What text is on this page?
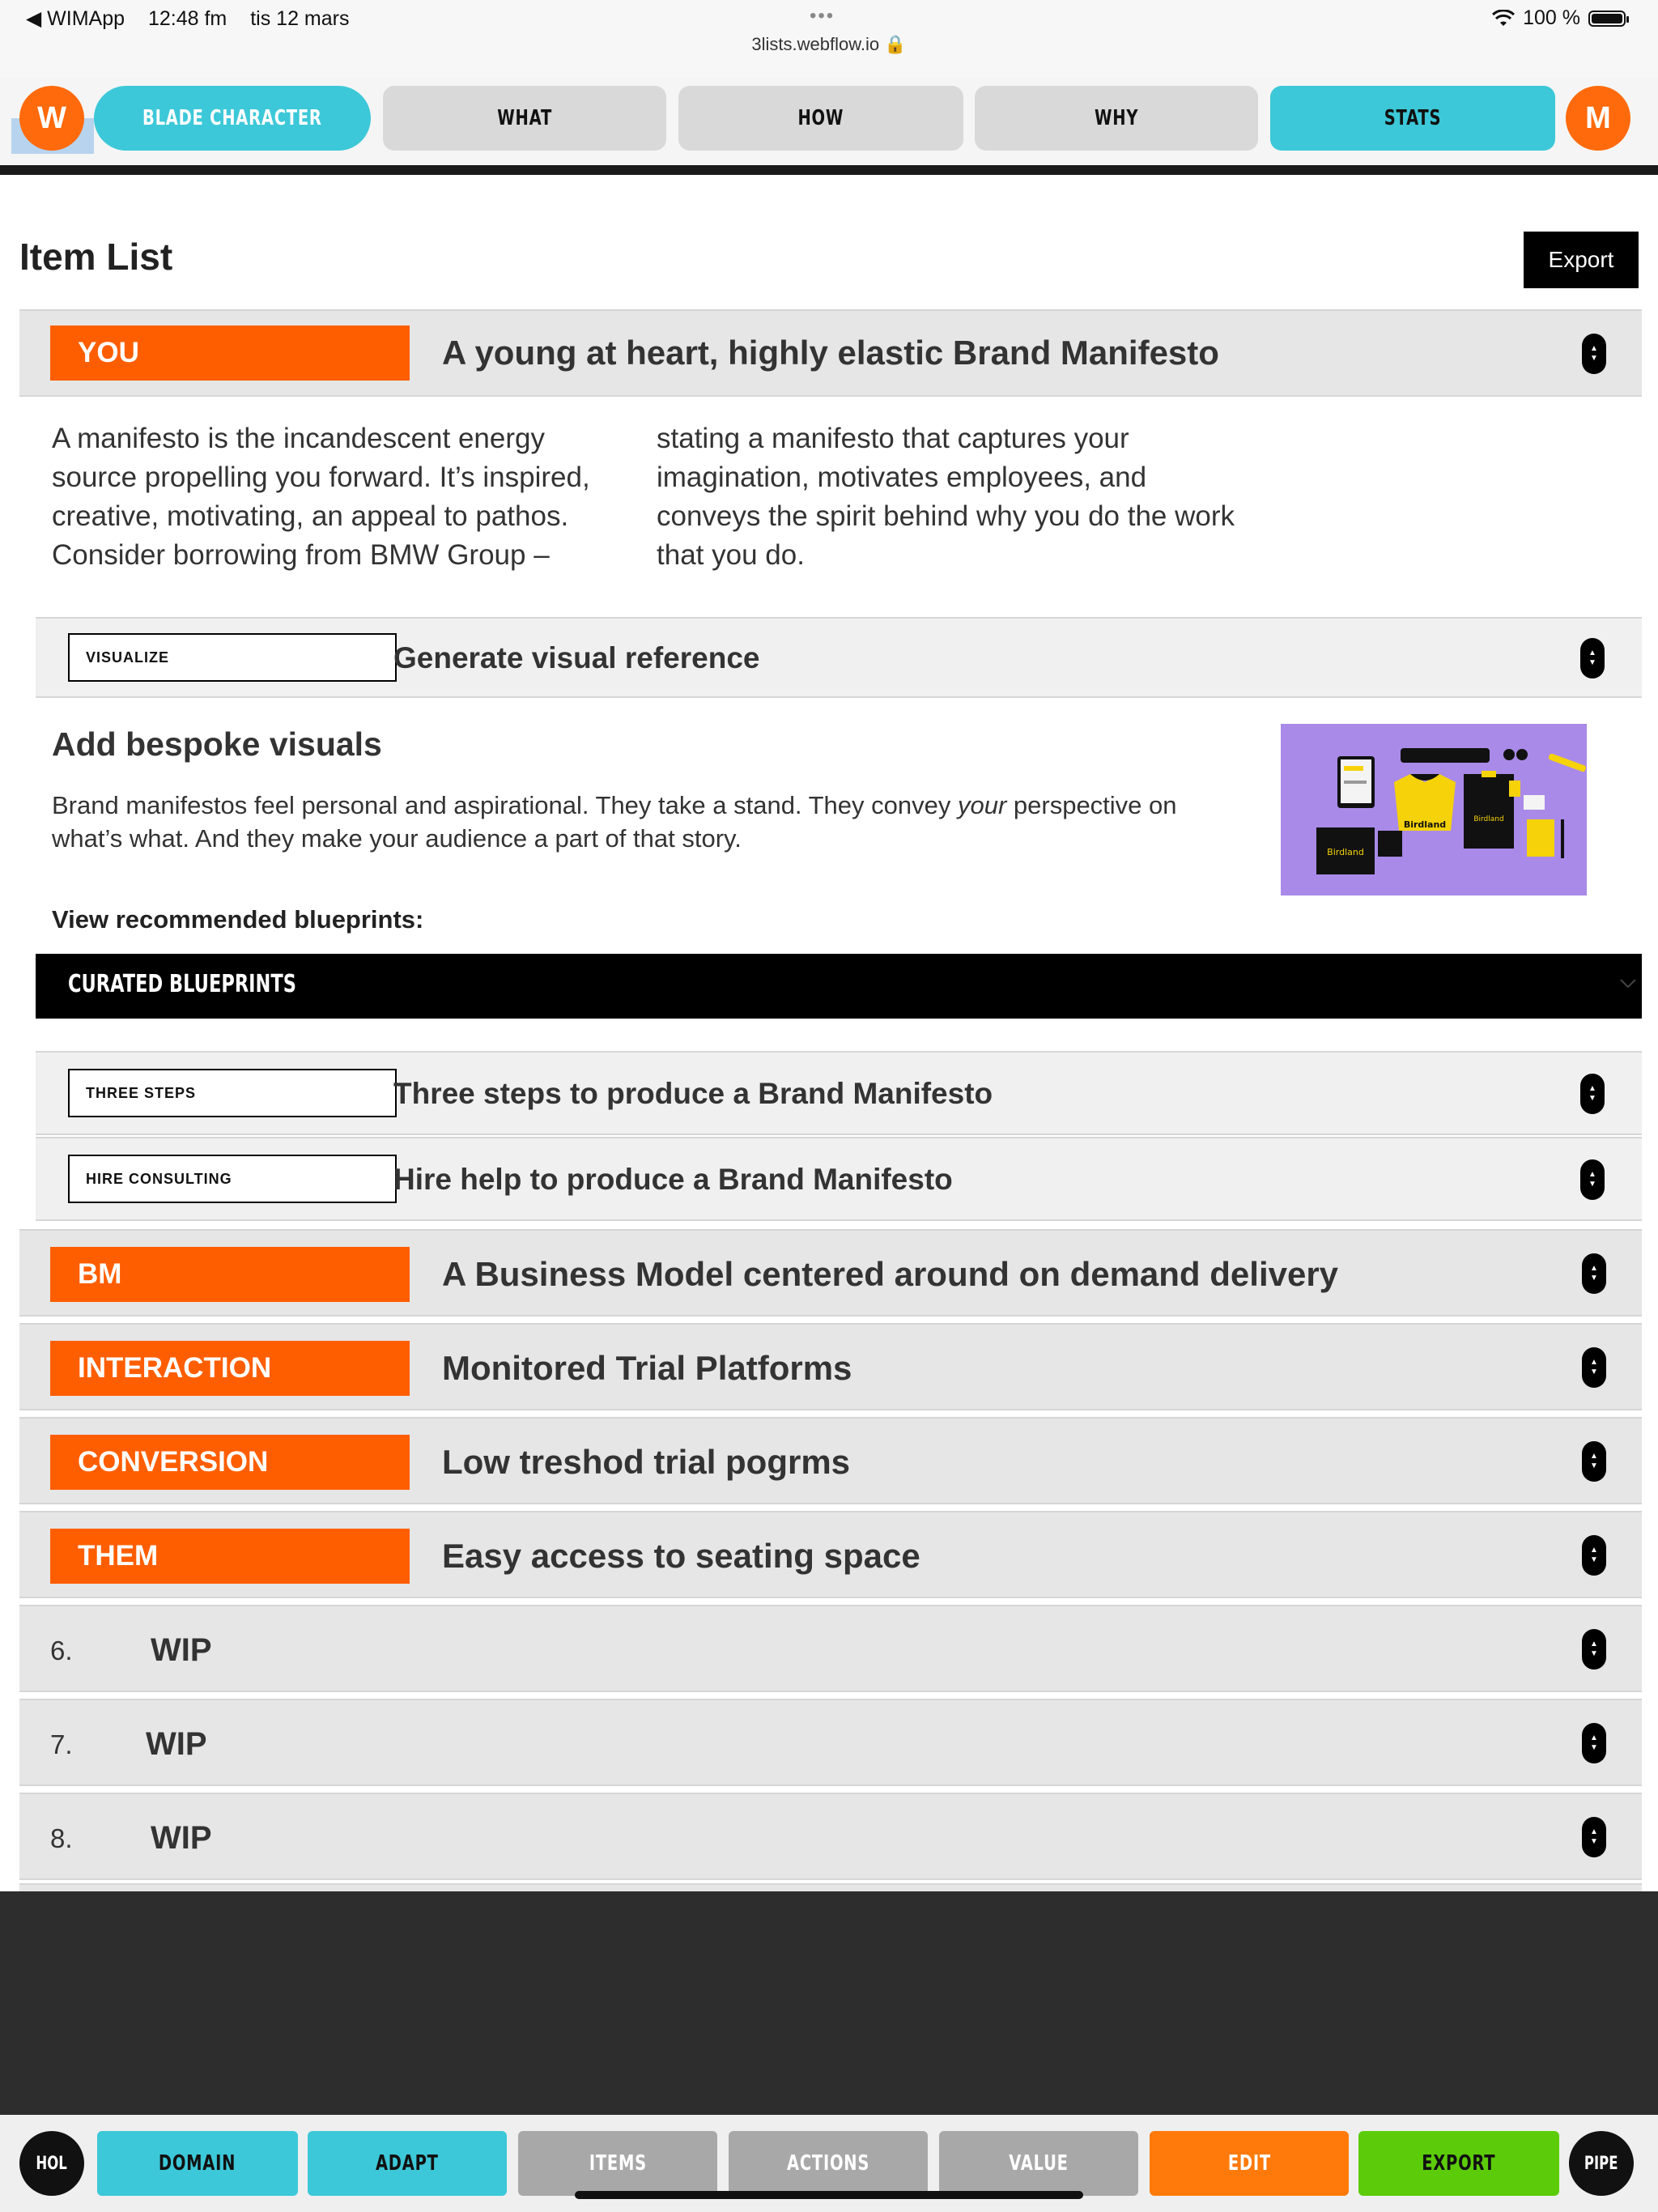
◀ WIMApp 12:48 fm tis 12 mars	•••
3lists.webflow.io 🔒
100 %
W	BLADE CHARACTER	WHAT	HOW	WHY	STATS	M
Item List	Export
YOU	A young at heart, highly elastic Brand Manifesto	▲
▼
A manifesto is the incandescent energy source propelling you forward. It’s inspired, creative, motivating, an appeal to pathos. Consider borrowing from BMW Group –
stating a manifesto that captures your imagination, motivates employees, and conveys the spirit behind why you do the work that you do.
VISUALIZE	Generate visual reference	▲
▼
Add bespoke visuals
Brand manifestos feel personal and aspirational. They take a stand. They convey your perspective on what’s what. And they make your audience a part of that story.	Birdland	Birdland
Birdland
View recommended blueprints:
CURATED BLUEPRINTS
THREE STEPS	Three steps to produce a Brand Manifesto	▲
▼
HIRE CONSULTING	Hire help to produce a Brand Manifesto	▲
▼
BM	A Business Model centered around on demand delivery	▲
▼
INTERACTION	Monitored Trial Platforms	▲
▼
CONVERSION	Low treshod trial pogrms	▲
▼
THEM	Easy access to seating space	▲
▼
6. WIP	▲
▼
7. WIP	▲
▼
8. WIP	▲
▼
HOL	DOMAIN	ADAPT	ITEMS	ACTIONS	VALUE	EDIT	EXPORT	PIPE
